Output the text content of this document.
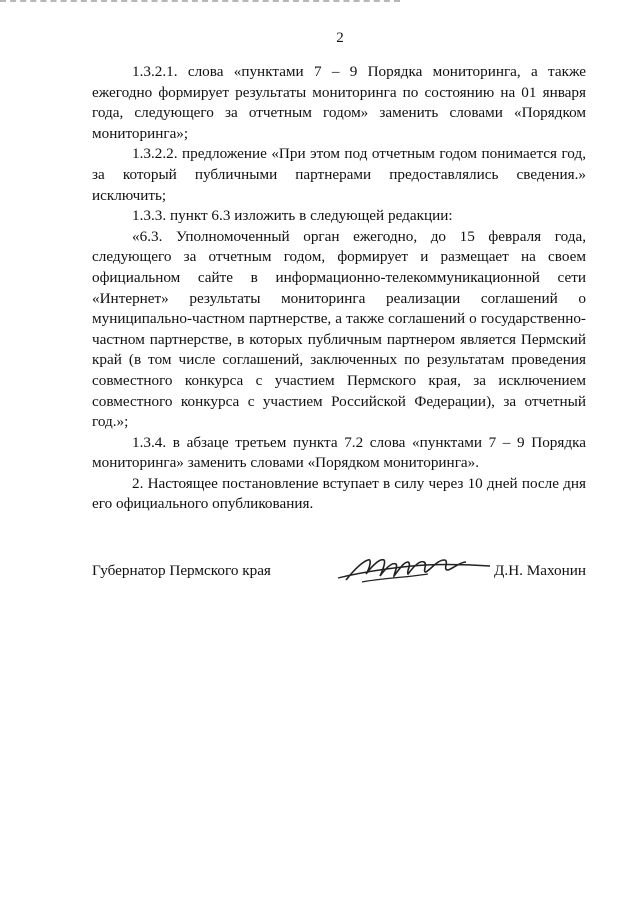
2

1.3.2.1. слова «пунктами 7 – 9 Порядка мониторинга, а также ежегодно формирует результаты мониторинга по состоянию на 01 января года, следующего за отчетным годом» заменить словами «Порядком мониторинга»;

1.3.2.2. предложение «При этом под отчетным годом понимается год, за который публичными партнерами предоставлялись сведения.» исключить;

1.3.3. пункт 6.3 изложить в следующей редакции:

«6.3. Уполномоченный орган ежегодно, до 15 февраля года, следующего за отчетным годом, формирует и размещает на своем официальном сайте в информационно-телекоммуникационной сети «Интернет» результаты мониторинга реализации соглашений о муниципально-частном партнерстве, а также соглашений о государственно-частном партнерстве, в которых публичным партнером является Пермский край (в том числе соглашений, заключенных по результатам проведения совместного конкурса с участием Пермского края, за исключением совместного конкурса с участием Российской Федерации), за отчетный год.»;

1.3.4. в абзаце третьем пункта 7.2 слова «пунктами 7 – 9 Порядка мониторинга» заменить словами «Порядком мониторинга».

2. Настоящее постановление вступает в силу через 10 дней после дня его официального опубликования.

Губернатор Пермского края	Д.Н. Махонин
